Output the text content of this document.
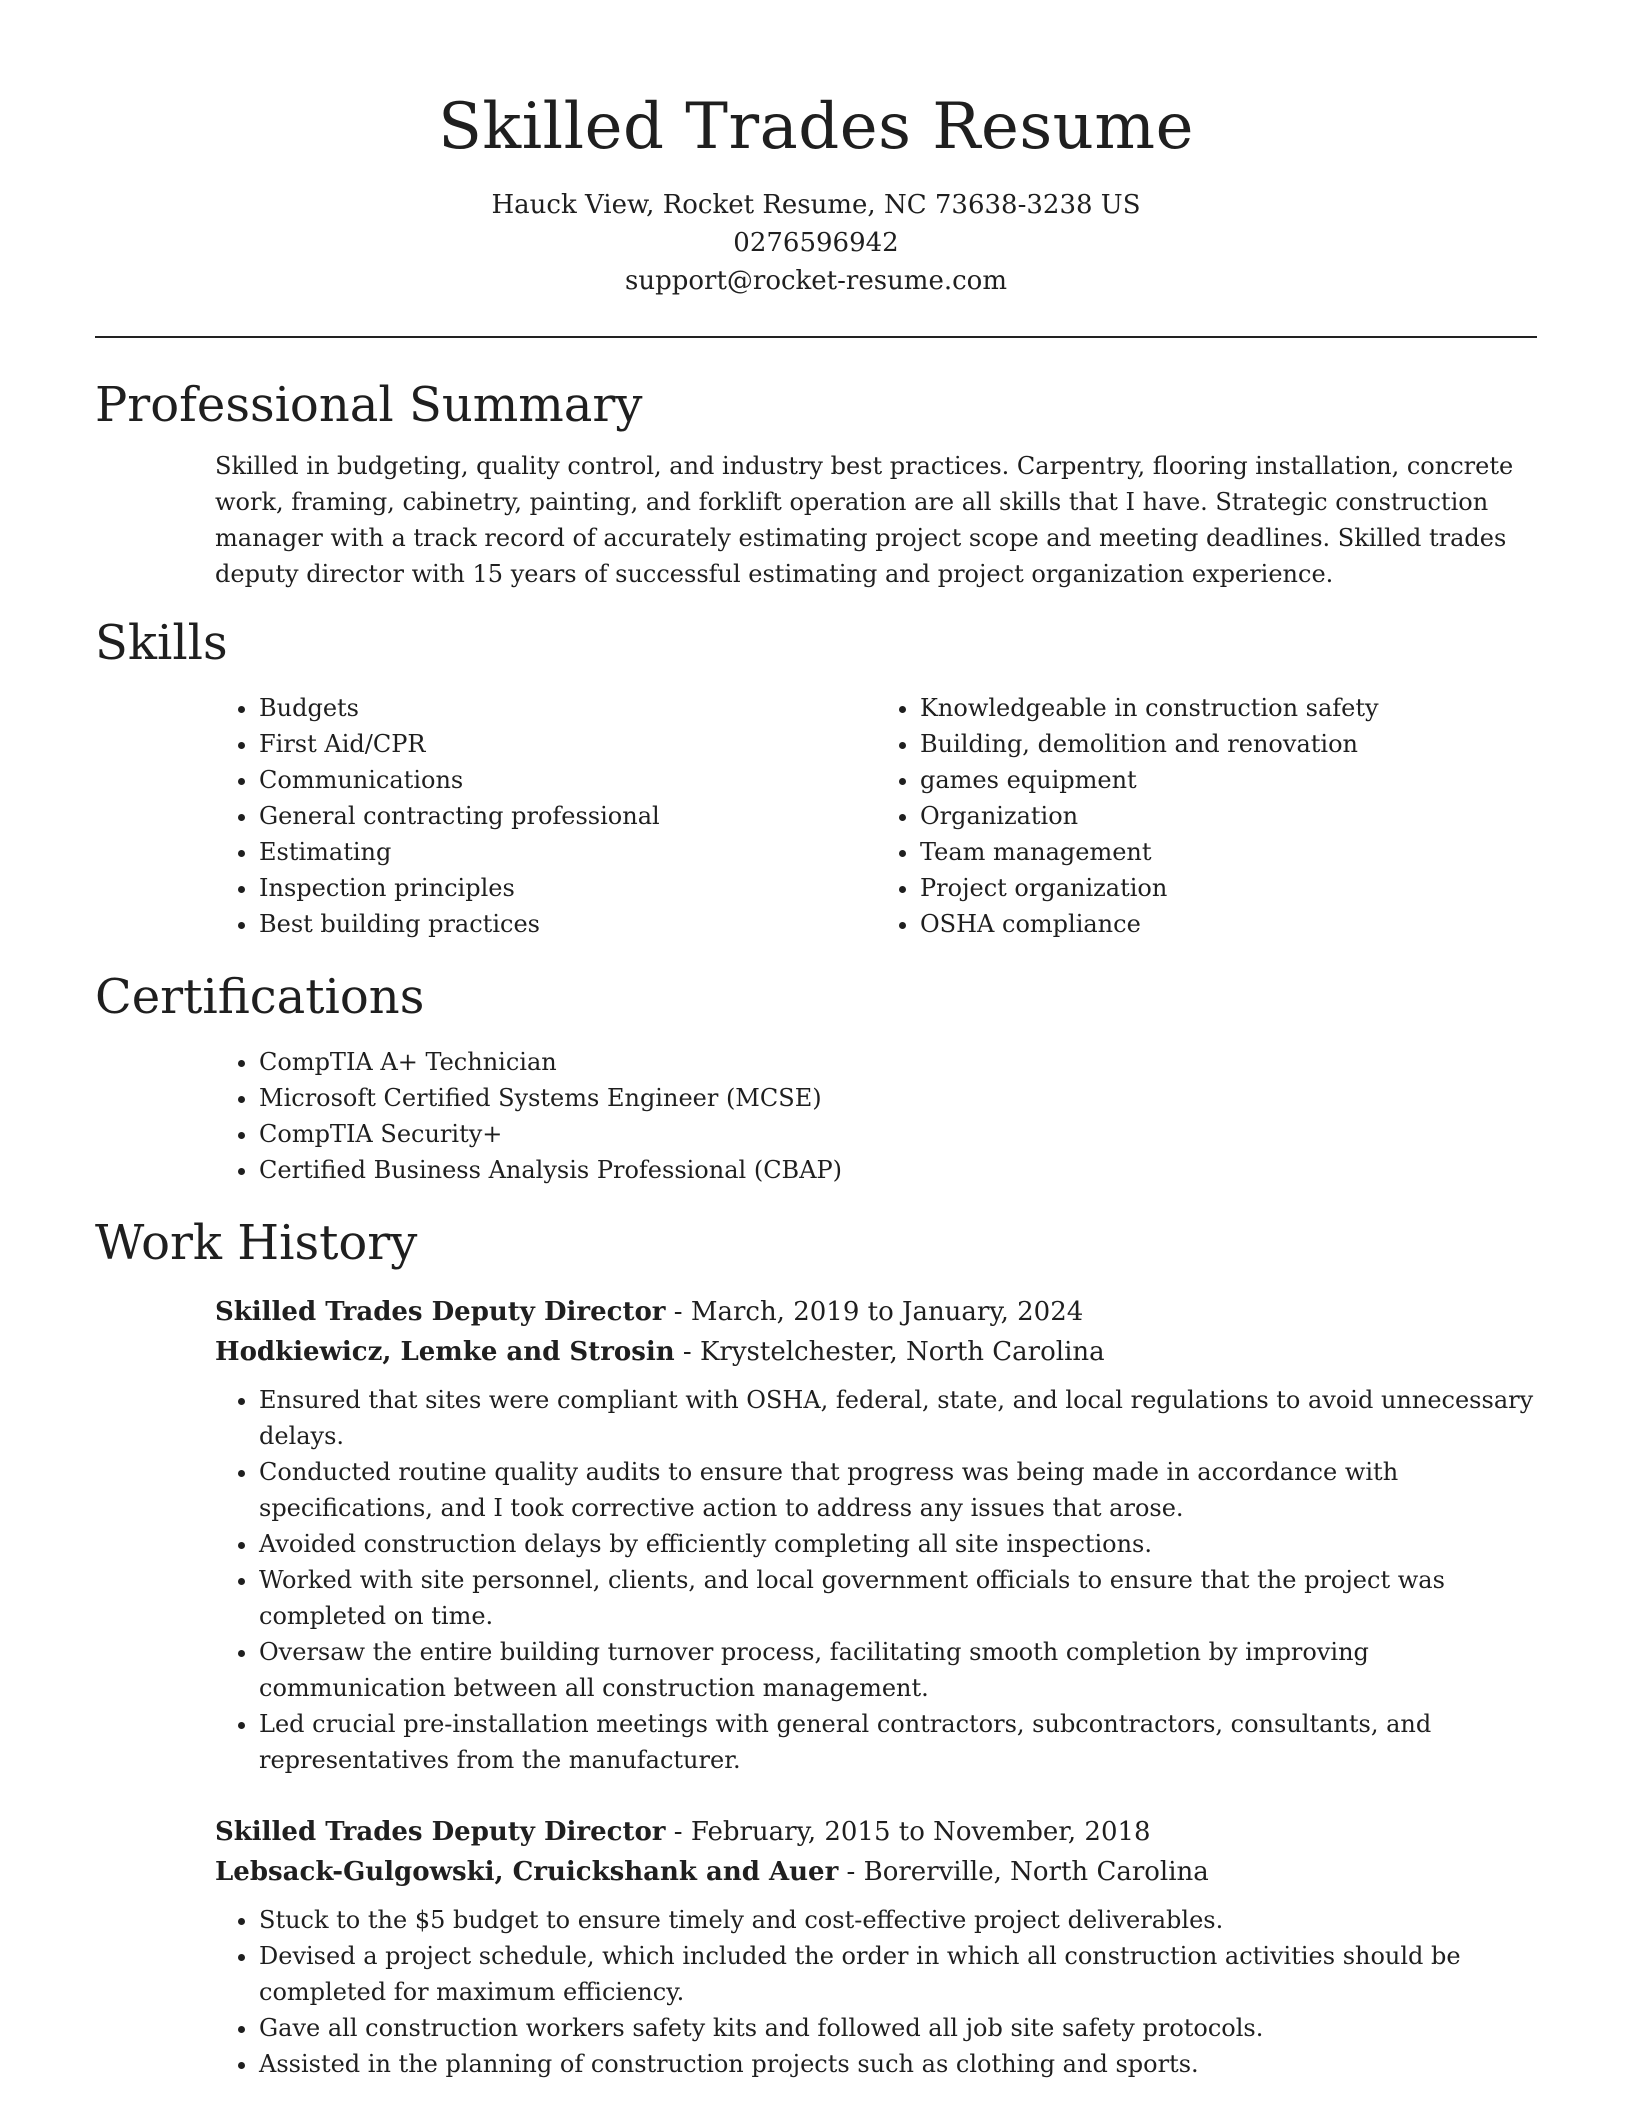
Skilled Trades Resume
Hauck View, Rocket Resume, NC 73638-3238 US
0276596942
support@rocket-resume.com
Professional Summary

Skilled in budgeting, quality control, and industry best practices. Carpentry, flooring installation, concrete work, framing, cabinetry, painting, and forklift operation are all skills that I have. Strategic construction manager with a track record of accurately estimating project scope and meeting deadlines. Skilled trades deputy director with 15 years of successful estimating and project organization experience.

Skills
• Budgets
• First Aid/CPR
• Communications
• General contracting professional
• Estimating
• Inspection principles
• Best building practices
• Knowledgeable in construction safety
• Building, demolition and renovation
• games equipment
• Organization
• Team management
• Project organization
• OSHA compliance
Certifications
• CompTIA A+ Technician
• Microsoft Certified Systems Engineer (MCSE)
• CompTIA Security+
• Certified Business Analysis Professional (CBAP)
Work History
Skilled Trades Deputy Director - March, 2019 to January, 2024
Hodkiewicz, Lemke and Strosin - Krystelchester, North Carolina
• Ensured that sites were compliant with OSHA, federal, state, and local regulations to avoid unnecessary delays.
• Conducted routine quality audits to ensure that progress was being made in accordance with specifications, and I took corrective action to address any issues that arose.
• Avoided construction delays by efficiently completing all site inspections.
• Worked with site personnel, clients, and local government officials to ensure that the project was completed on time.
• Oversaw the entire building turnover process, facilitating smooth completion by improving communication between all construction management.
• Led crucial pre-installation meetings with general contractors, subcontractors, consultants, and representatives from the manufacturer.
Skilled Trades Deputy Director - February, 2015 to November, 2018
Lebsack-Gulgowski, Cruickshank and Auer - Borerville, North Carolina
• Stuck to the $5 budget to ensure timely and cost-effective project deliverables.
• Devised a project schedule, which included the order in which all construction activities should be completed for maximum efficiency.
• Gave all construction workers safety kits and followed all job site safety protocols.
• Assisted in the planning of construction projects such as clothing and sports.
